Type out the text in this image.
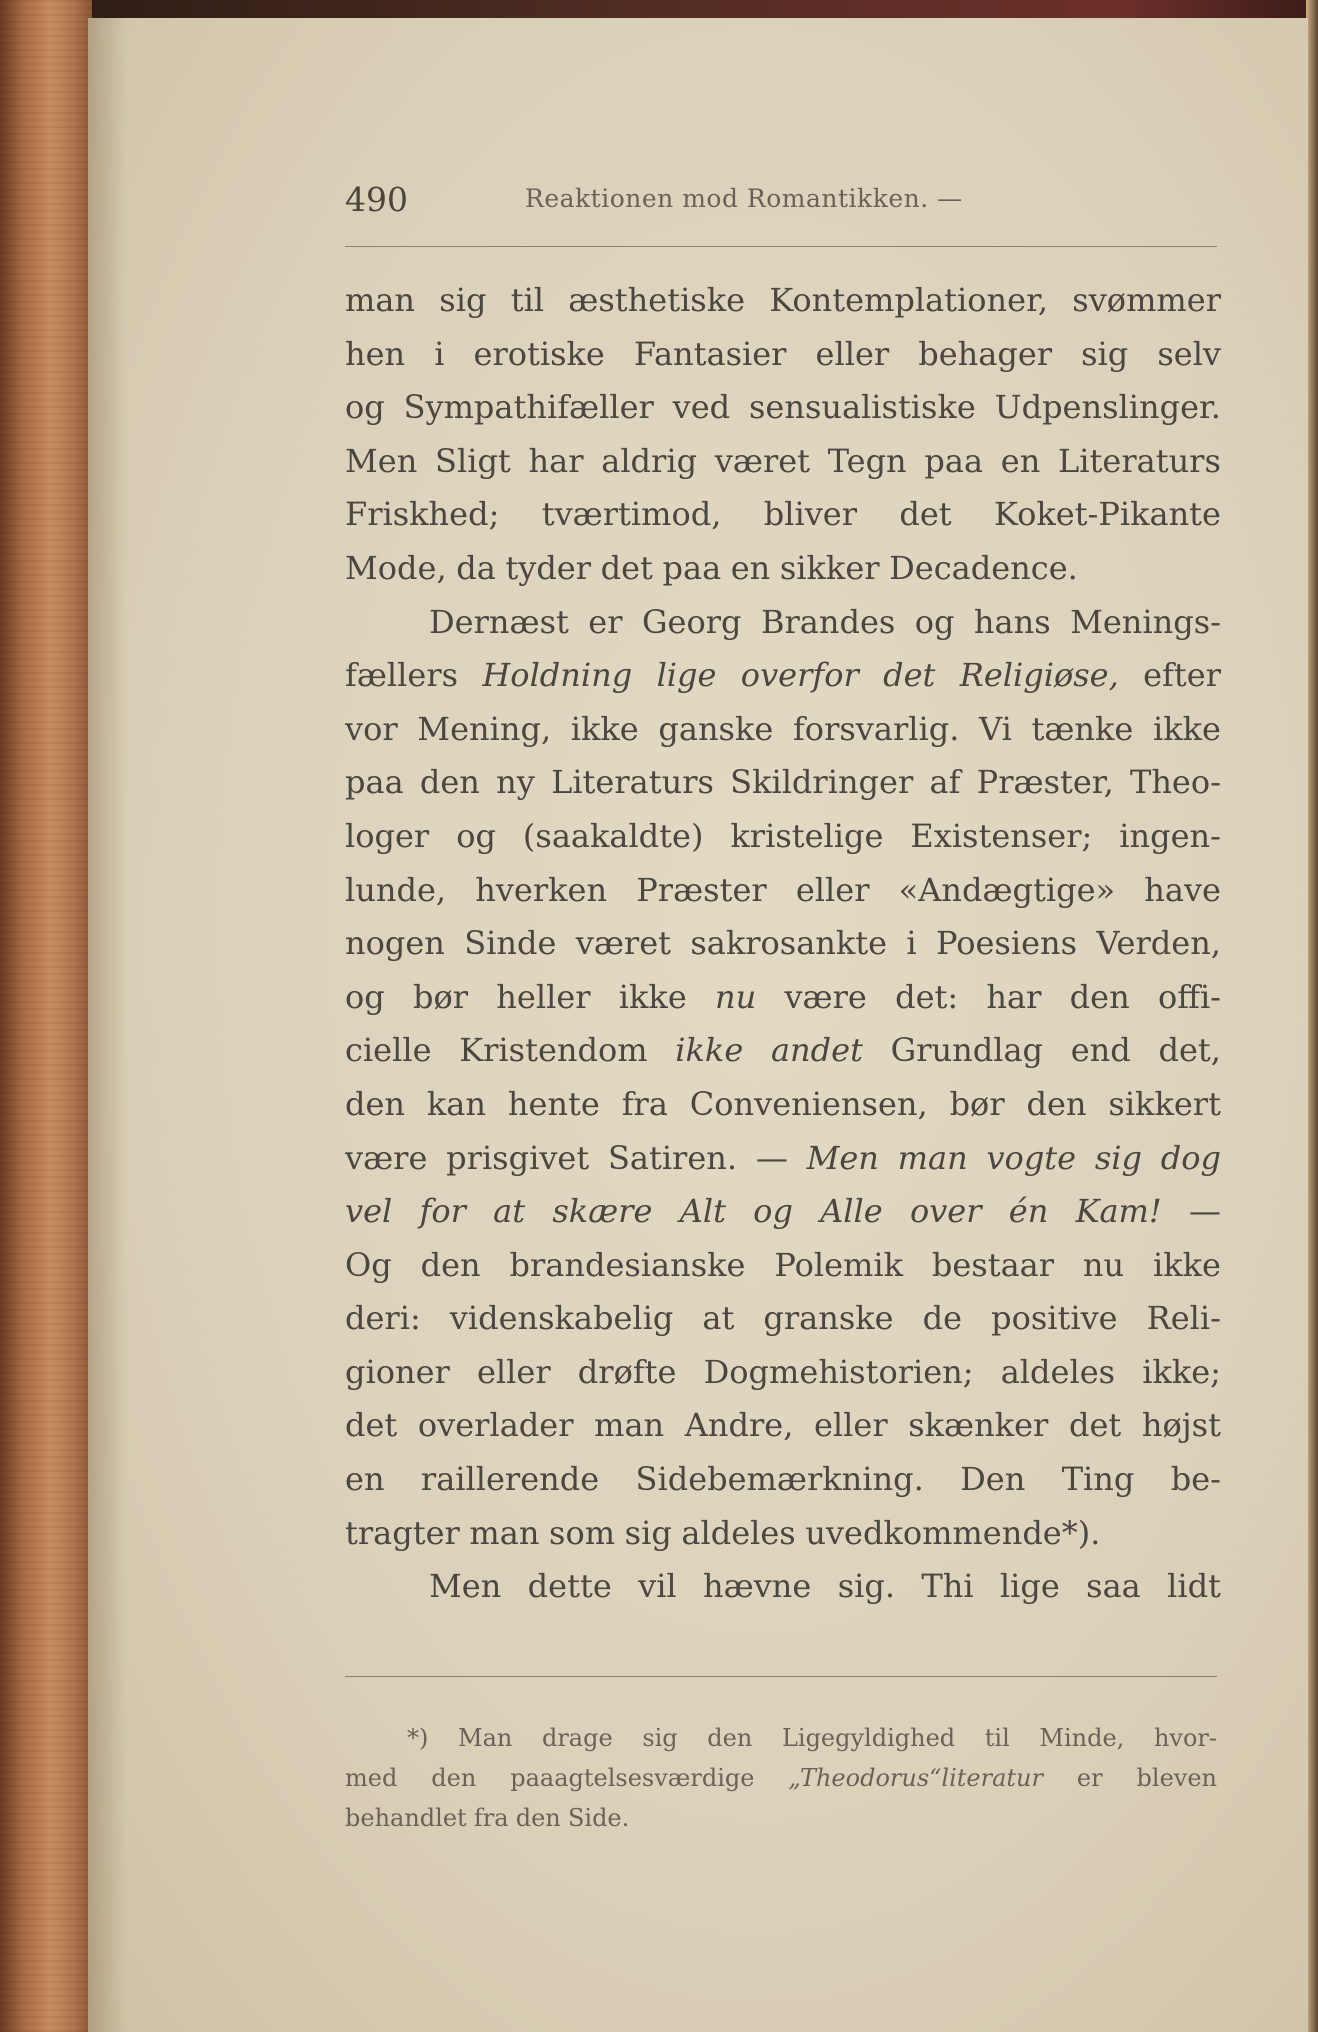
490	Reaktionen mod Romantikken. —
man sig til æsthetiske Kontemplationer, svømmer
hen i erotiske Fantasier eller behager sig selv
og Sympathifæller ved sensualistiske Udpenslinger.
Men Sligt har aldrig været Tegn paa en Literaturs
Friskhed; tværtimod, bliver det Koket-Pikante
Mode, da tyder det paa en sikker Decadence.
Dernæst er Georg Brandes og hans Menings-
fællers Holdning lige overfor det Religiøse, efter
vor Mening, ikke ganske forsvarlig. Vi tænke ikke
paa den ny Literaturs Skildringer af Præster, Theo-
loger og (saakaldte) kristelige Existenser; ingen-
lunde, hverken Præster eller «Andægtige» have
nogen Sinde været sakrosankte i Poesiens Verden,
og bør heller ikke nu være det: har den offi-
cielle Kristendom ikke andet Grundlag end det,
den kan hente fra Conveniensen, bør den sikkert
være prisgivet Satiren. — Men man vogte sig dog
vel for at skære Alt og Alle over én Kam! —
Og den brandesianske Polemik bestaar nu ikke
deri: videnskabelig at granske de positive Reli-
gioner eller drøfte Dogmehistorien; aldeles ikke;
det overlader man Andre, eller skænker det højst
en raillerende Sidebemærkning. Den Ting be-
tragter man som sig aldeles uvedkommende*).
Men dette vil hævne sig. Thi lige saa lidt
*) Man drage sig den Ligegyldighed til Minde, hvor-
med den paaagtelsesværdige „Theodorus“literatur er bleven
behandlet fra den Side.
